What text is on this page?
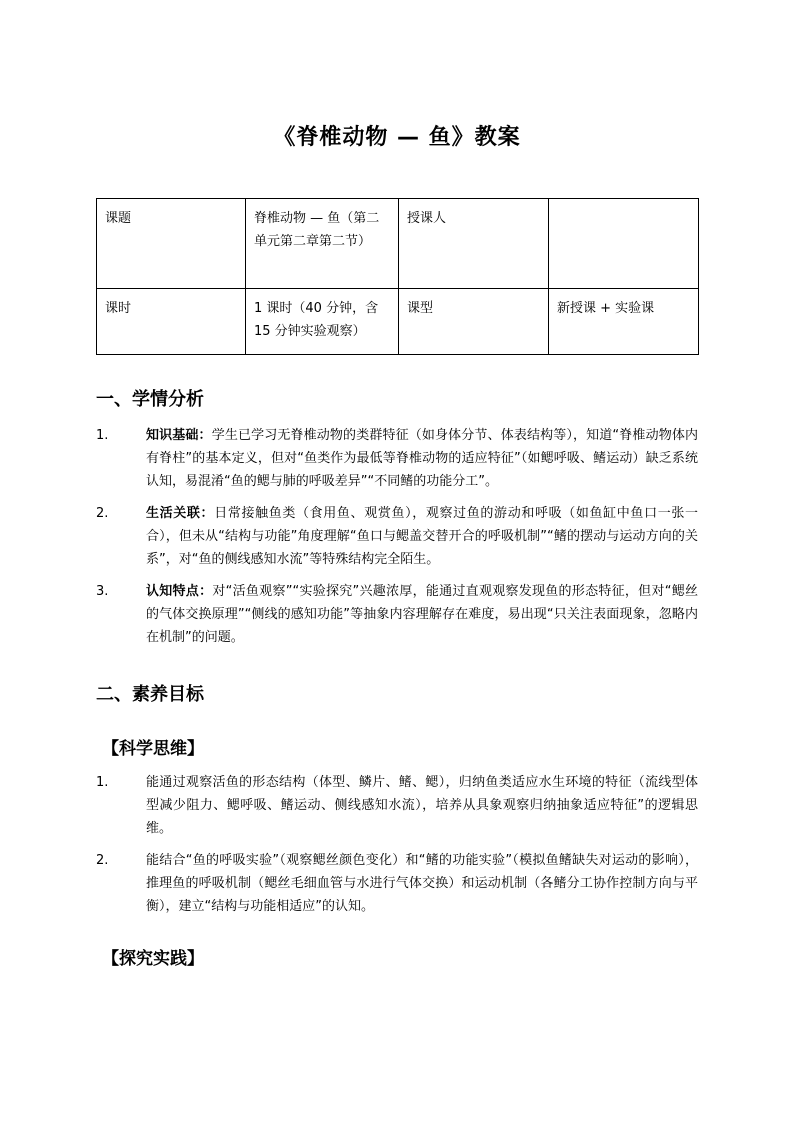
《脊椎动物 — 鱼》教案
课题	脊椎动物 — 鱼（第二单元第二章第二节）	授课人	
课时	1 课时（40 分钟，含 15 分钟实验观察）	课型	新授课 + 实验课
一、学情分析
1.	知识基础：学生已学习无脊椎动物的类群特征（如身体分节、体表结构等），知道“脊椎动物体内有脊柱”的基本定义，但对“鱼类作为最低等脊椎动物的适应特征”（如鳃呼吸、鳍运动）缺乏系统认知，易混淆“鱼的鳃与肺的呼吸差异”“不同鳍的功能分工”。
2.	生活关联：日常接触鱼类（食用鱼、观赏鱼），观察过鱼的游动和呼吸（如鱼缸中鱼口一张一合），但未从“结构与功能”角度理解“鱼口与鳃盖交替开合的呼吸机制”“鳍的摆动与运动方向的关系”，对“鱼的侧线感知水流”等特殊结构完全陌生。
3.	认知特点：对“活鱼观察”“实验探究”兴趣浓厚，能通过直观观察发现鱼的形态特征，但对“鳃丝的气体交换原理”“侧线的感知功能”等抽象内容理解存在难度，易出现“只关注表面现象，忽略内在机制”的问题。
二、素养目标
【科学思维】
1.	能通过观察活鱼的形态结构（体型、鳞片、鳍、鳃），归纳鱼类适应水生环境的特征（流线型体型减少阻力、鳃呼吸、鳍运动、侧线感知水流），培养从具象观察归纳抽象适应特征”的逻辑思维。
2.	能结合“鱼的呼吸实验”（观察鳃丝颜色变化）和“鳍的功能实验”（模拟鱼鳍缺失对运动的影响），推理鱼的呼吸机制（鳃丝毛细血管与水进行气体交换）和运动机制（各鳍分工协作控制方向与平衡），建立“结构与功能相适应”的认知。
【探究实践】
